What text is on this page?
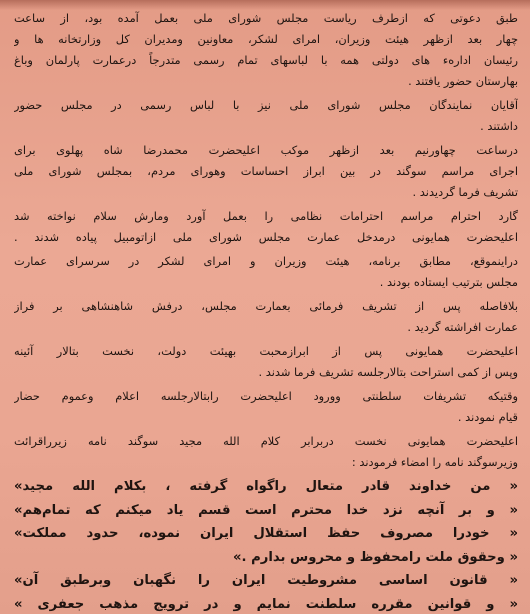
طبق دعوتی که ازطرف ریاست مجلس شورای ملی بعمل آمده بود، از ساعت
چهار بعد ازظهر هیئت وزیران، امرای لشکر، معاونین ومدیران کل وزارتخانه ها و
رئیسان ادارهء های دولتی همه با لباسهای تمام رسمی متدرجاً درعمارت پارلمان وباغ
بهارستان حضور یافتند .
آقایان نمایندگان مجلس شورای ملی نیز با لباس رسمی در مجلس حضور
داشتند .
درساعت چهاورنیم بعد ازظهر موکب اعلیحضرت محمدرضا شاه پهلوی برای
اجرای مراسم سوگند در بین ابراز احساسات وهورای مردم، بمجلس شورای ملی
تشریف فرما گردیدند .
گارد احترام مراسم احترامات نظامی را بعمل آورد ومارش سلام نواخته شد
اعلیحضرت همایونی درمدخل عمارت مجلس شورای ملی ازاتومبیل پیاده شدند .
دراینموقع، مطابق برنامه، هیئت وزیران و امرای لشکر در سرسرای عمارت
مجلس بترتیب ایستاده بودند .
بلافاصله پس از تشریف فرمائی بعمارت مجلس، درفش شاهنشاهی بر فراز
عمارت افراشته گردید .
اعلیحضرت همایونی پس از ابرازمحبت بهیئت دولت، نخست بتالار آئینه
وپس از کمی استراحت بتالارجلسه تشریف فرما شدند .
وقتیکه تشریفات سلطنتی وورود اعلیحضرت رابتالارجلسه اعلام وعموم حضار
قیام نمودند .
اعلیحضرت همایونی نخست دربرابر کلام الله مجید سوگند نامه زیرراقرائت
وزیرسوگند نامه را امضاء فرمودند :
« من خداوند قادر متعال راگواه گرفته ، بکلام الله مجید»
« و بر آنچه نزد خدا محترم است قسم یاد میکنم که تمام‌هم»
« خودرا مصروف حفظ استقلال ایران نموده، حدود مملکت»
« وحقوق ملت رامحفوظ و محروس بدارم .»
« قانون اساسی مشروطیت ایران را نگهبان وبرطبق آن»
« و قوانین مقرره سلطنت نمایم و در ترویج مذهب جعفری »
